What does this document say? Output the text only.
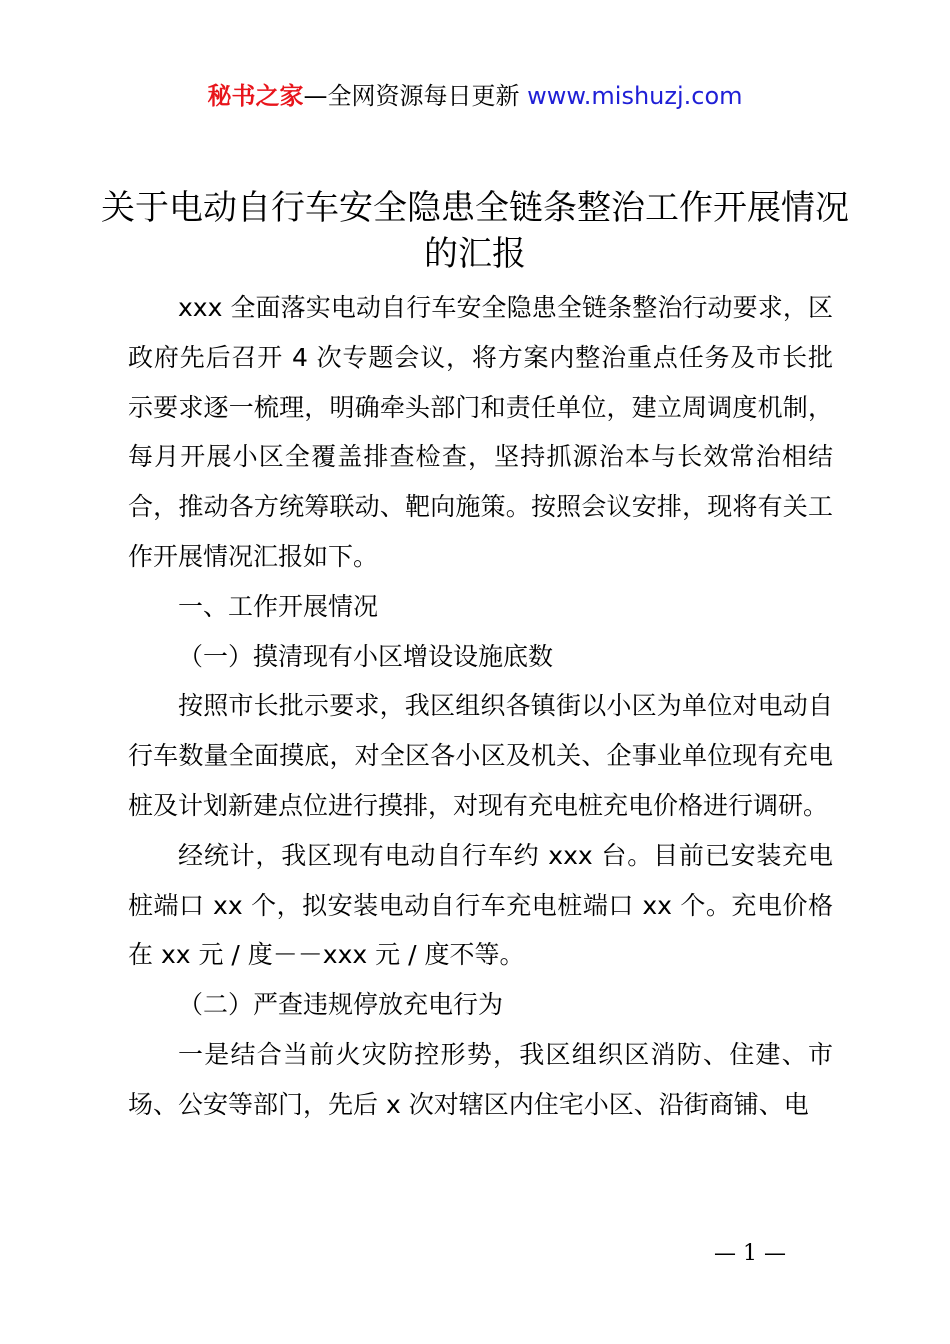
秘书之家—全网资源每日更新 www.mishuzj.com
关于电动自行车安全隐患全链条整治工作开展情况的汇报

xxx 全面落实电动自行车安全隐患全链条整治行动要求，区政府先后召开 4 次专题会议，将方案内整治重点任务及市长批示要求逐一梳理，明确牵头部门和责任单位，建立周调度机制，每月开展小区全覆盖排查检查，坚持抓源治本与长效常治相结合，推动各方统筹联动、靶向施策。按照会议安排，现将有关工作开展情况汇报如下。

一、工作开展情况

（一）摸清现有小区增设设施底数

按照市长批示要求，我区组织各镇街以小区为单位对电动自行车数量全面摸底，对全区各小区及机关、企事业单位现有充电桩及计划新建点位进行摸排，对现有充电桩充电价格进行调研。

经统计，我区现有电动自行车约 xxx 台。目前已安装充电桩端口 xx 个，拟安装电动自行车充电桩端口 xx 个。充电价格在 xx 元 / 度－－xxx 元 / 度不等。

（二）严查违规停放充电行为

一是结合当前火灾防控形势，我区组织区消防、住建、市场、公安等部门，先后 x 次对辖区内住宅小区、沿街商铺、电

— 1 —
